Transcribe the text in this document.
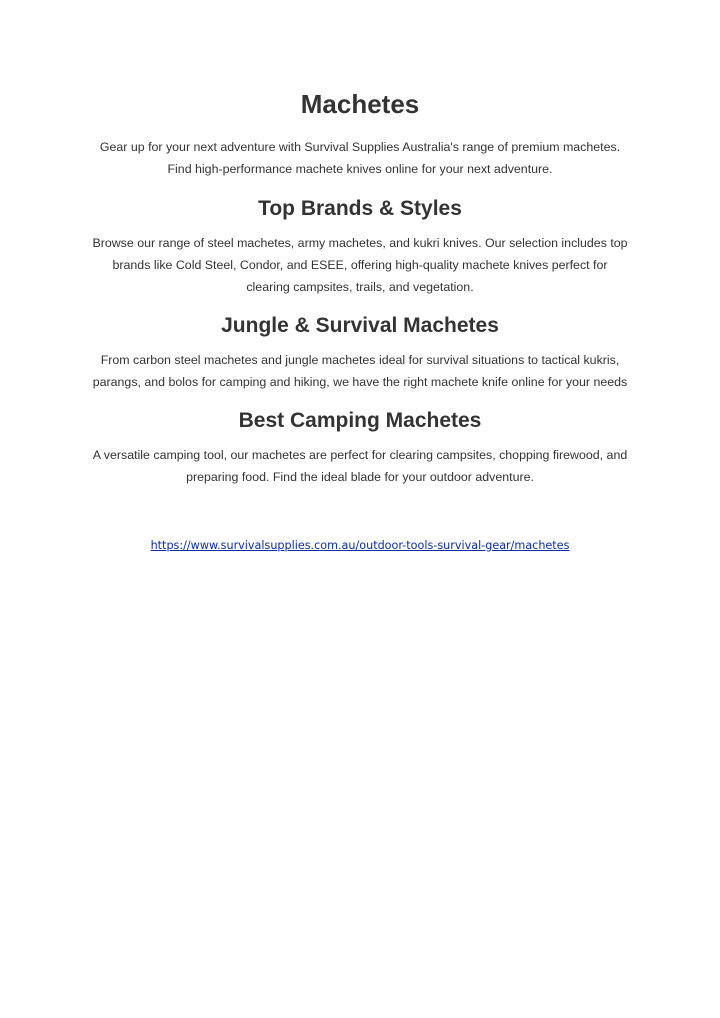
Machetes

Gear up for your next adventure with Survival Supplies Australia's range of premium machetes. Find high-performance machete knives online for your next adventure.

Top Brands & Styles

Browse our range of steel machetes, army machetes, and kukri knives. Our selection includes top brands like Cold Steel, Condor, and ESEE, offering high-quality machete knives perfect for clearing campsites, trails, and vegetation.

Jungle & Survival Machetes

From carbon steel machetes and jungle machetes ideal for survival situations to tactical kukris, parangs, and bolos for camping and hiking, we have the right machete knife online for your needs

Best Camping Machetes

A versatile camping tool, our machetes are perfect for clearing campsites, chopping firewood, and preparing food. Find the ideal blade for your outdoor adventure.

https://www.survivalsupplies.com.au/outdoor-tools-survival-gear/machetes
